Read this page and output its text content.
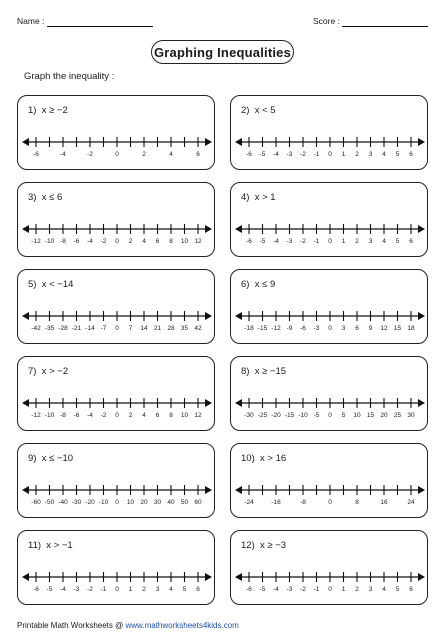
Name :	Score :
Graphing Inequalities
Graph the inequality :
1)  x ≥ −2
-6	-4	-2	0	2	4	6
2)  x < 5
-6 -5 -4 -3 -2 -1 0 1 2 3 4 5 6
3)  x ≤ 6
-12 -10 -8 -6 -4 -2 0 2 4 6 8 10 12
4)  x > 1
-6 -5 -4 -3 -2 -1 0 1 2 3 4 5 6
5)  x < −14
-42 -35 -28 -21 -14 -7 0 7 14 21 28 35 42
6)  x ≤ 9
-18 -15 -12 -9 -6 -3 0 3 6 9 12 15 18
7)  x > −2
-12 -10 -8 -6 -4 -2 0 2 4 6 8 10 12
8)  x ≥ −15
-30 -25 -20 -15 -10 -5 0 5 10 15 20 25 30
9)  x ≤ −10
-60 -50 -40 -30 -20 -10 0 10 20 30 40 50 60
10)  x > 16
-24	-16	-8	0	8	16	24
11)  x > −1
-6 -5 -4 -3 -2 -1 0 1 2 3 4 5 6
12)  x ≥ −3
-6 -5 -4 -3 -2 -1 0 1 2 3 4 5 6
Printable Math Worksheets @ www.mathworksheets4kids.com
